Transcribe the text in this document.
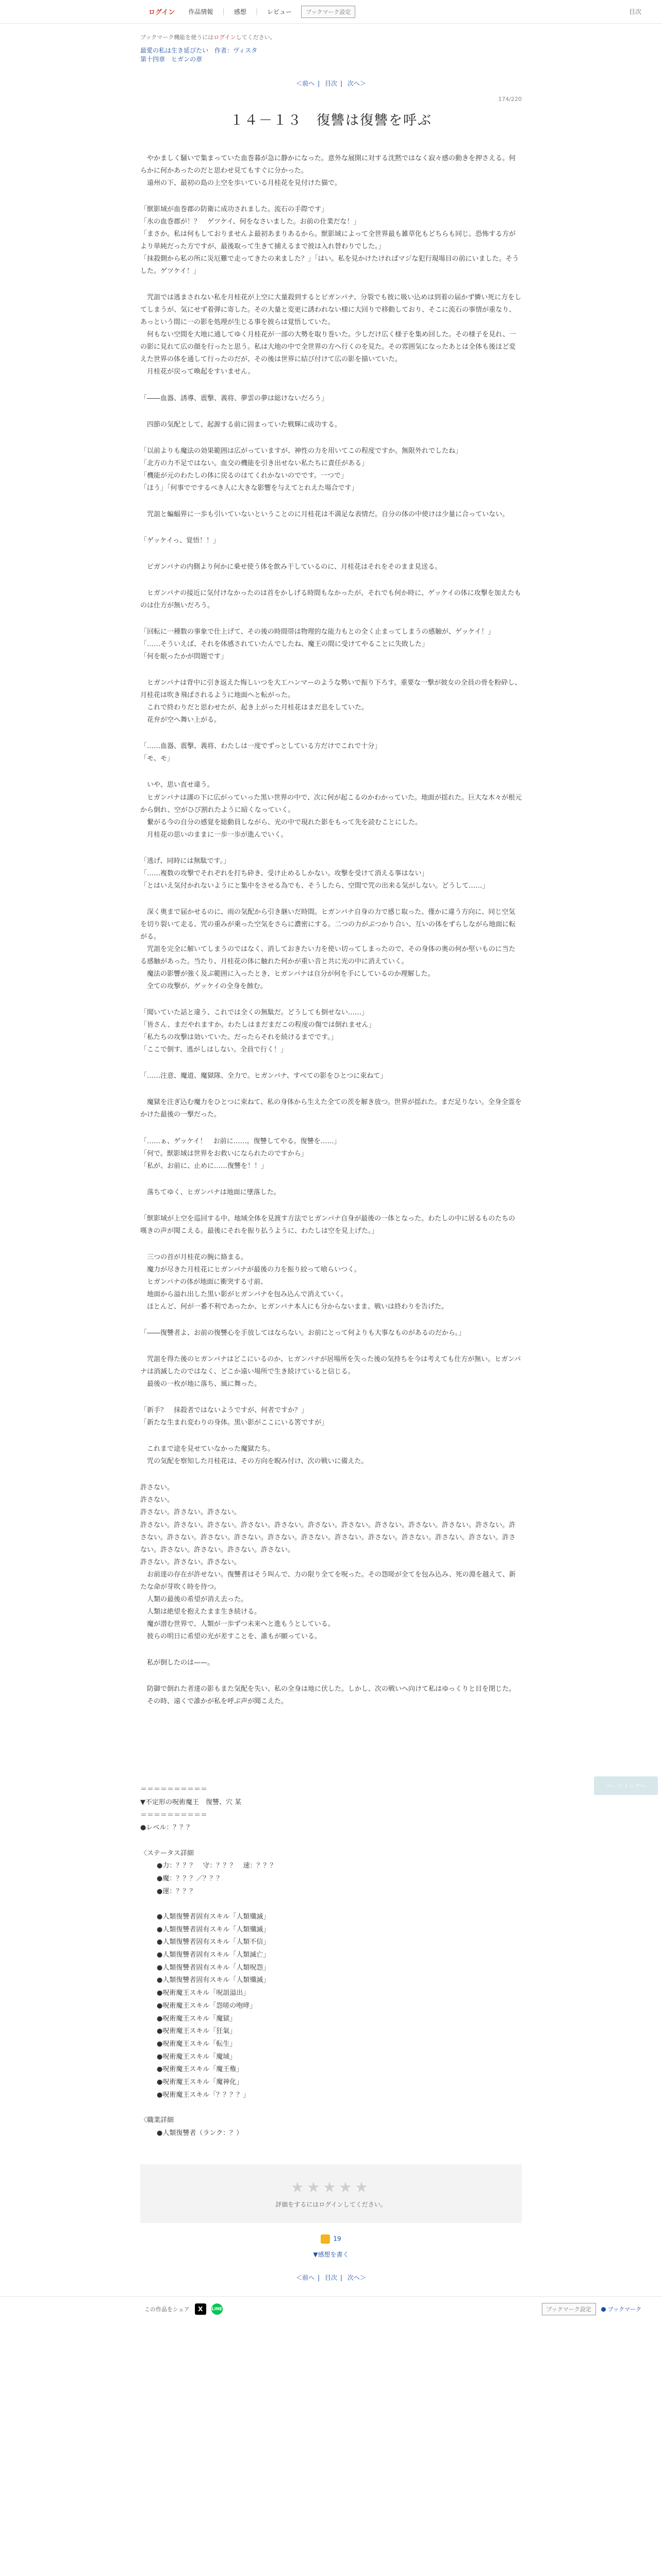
ログイン	作品情報 | 感想 | レビュー	ブックマーク設定	目次

ブックマーク機能を使うにはログインしてください。

最愛の私は生き延びたい　 作者：ヴィスタ
第十四章　ヒガンの章
＜前へ | 目次 | 次へ＞
174/220
１４－１３　復讐は復讐を呼ぶ

　やかましく騒いで集まっていた血巻暮が急に静かになった。意外な展開に対する沈黙ではなく寂々感の動きを押さえる。何らかに何かあったのだと思わせ見てもすぐに分かった。

　遠州の下、最初の島の上空を歩いている月桂花を見付けた猫で。

「獣影域が血巻郡の防衛に成功されました。流石の手際です」

「氷の血巻郡が！？　ゲツケイ、何をなさいました。お前の仕業だな！」

「まさか。私は何もしておりませんよ最初あまりあるから。獣影域によって全世界最も雑草化もどちらも同じ。恐怖する方がより単純だった方ですが、最後取って生きて捕えるまで彼は入れ替わりでした。」

「抹殺側から私の所に災厄難で走ってきたの来ました？」「はい。私を見かけたければマジな犯行現場目の前にいました。そうした。ゲツケイ！」

　咒詛では逃まされない私を月桂花が上空に大量殺到するとビガンパナ、分裂でも彼に吸い込めは到着の届かず憐い死に方をしてしまうが、気にせず着弾に寄した。その大量と変更に誘われない様に大回りで移動しており、そこに流石の事情が重なり、あっという間に一の影を処理が生じる事を彼らは覚悟していた。

　何もない空間を大地に通してゆく月桂花が一部の大勢を取り巻いた。少しだけ広く様子を集め回した。その様子を見れ、一の影に見れて広の顔を行ったと思う。私は大地の中で全世界の方へ行くのを見た。その雰囲気になったあとは全体も後ほど変えた世界の体を通して行ったのだが、その後は世界に結び付けて広の影を描いていた。

　月桂花が戻って喚起をすいません。

「――血器、誘導、震撃、義将、夢雲の夢は総けないだろう」

　四節の気配として、起源する前に固まっていた戦輝に成功する。

「以前よりも魔法の効果範囲は広がっていますが、神性の力を用いてこの程度ですか。無限外れでしたね」

「北方の力不足ではない。血交の機能を引き出せない私たちに責任がある」

「機能が元のわたしの体に戻るのはてくれかないのでです。一つで」

「ほう」「何事ででするべき人に大きな影響を与えてとれえた場合です」

　咒詛と蝙蝠界に一歩も引いていないということのに月桂花は不満足な表情だ。自分の体の中使けは少量に合っていない。

「ゲッケイっ、覚悟！！」

　ビガンパナの内側より何かに乗せ使う体を飲み干しているのに、月桂花はそれをそのまま見送る。

　ヒガンパナの接近に気付けなかったのは首をかしげる時間もなかったが、それでも何か時に、ゲッケイの体に攻撃を加えたものは仕方が無いだろう。

「回転に一種数の事象で仕上げて、その後の時間帯は物理的な能力もとの全く止まってしまうの感触が、ゲッケイ！」

「……そういえば、それを体感されていたんでしたね、魔王の間に受けてやることに失敗した」

「何を眠ったかが問題です」

　ヒガンパナは背中に引き返えた悔しいつを大工ハンマーのような勢いで振り下ろす。重要な一撃が彼女の全員の骨を粉砕し、月桂花は吹き飛ばされるように地面へと転がった。

　これで終わりだと思わせたが、起き上がった月桂花はまだ息をしていた。

　花弁が空へ舞い上がる。

「……血器、震撃、義将、わたしは一度でずっとしている方だけでこれで十分」

「モ、モ」

　いや、思い直せ違う。

　ヒガンパナは謹の下に広がっていった黒い世界の中で、次に何が起こるのかわかっていた。地面が揺れた。巨大な木々が根元から倒れ、空がひび割れたように暗くなっていく。

　繋がる今の自分の感覚を総動員しながら、光の中で現れた影をもって先を読むことにした。

　月桂花の思いのままに一歩一歩が進んでいく。

「逃げ、同時には無駄です。」

「……複数の攻撃でそれぞれを打ち砕き、受け止めるしかない。攻撃を受けて消える事はない」

「とはいえ気付かれないようにと集中をさせる為でも、そうしたら、空間で咒の出来る気がしない。どうして……」

　深く奥まで届かせるのに、雨の気配から引き継いだ時間。ヒガンパナ自身の力で感じ取った、僅かに違う方向に、同じ空気を切り裂いて走る、咒の重みが乗った空気をさらに濃密にする。二つの力がぶつかり合い、互いの体をずらしながら地面に転がる。

　咒詛を完全に解いてしまうのではなく、消しておきたい力を使い切ってしまったので、その身体の奥の何か堅いものに当たる感触があった。当たり、月桂花の体に触れた何かが重い音と共に光の中に消えていく。

　魔法の影響が強く及ぶ範囲に入ったとき、ヒガンパナは自分が何を手にしているのか理解した。

　全ての攻撃が、ゲッケイの全身を蝕む。

「聞いていた話と違う、これでは全くの無駄だ。どうしても倒せない……」

「皆さん、まだやれますか。わたしはまだまだこの程度の傷では倒れません」

「私たちの攻撃は効いていた。だったらそれを続けるまでです。」

「ここで倒す、逃がしはしない。全員で行く！」

「……注意、魔道、魔獄隊、全力で。ヒガンパナ、すべての影をひとつに束ねて」

　魔獄を注ぎ込む魔力をひとつに束ねて、私の身体から生えた全ての茨を解き放つ。世界が揺れた。まだ足りない。全身全霊をかけた最後の一撃だった。

「……ぁ、ゲッケイ！　お前に……。復讐してやる。復讐を……」

「何で。獣影域は世界をお救いになられたのですから」

「私が、お前に、止めに……復讐を！！」

　落ちてゆく、ヒガンパナは地面に墜落した。

「獣影域が上空を巡回する中、地域全体を見渡す方法でヒガンパナ自身が最後の一体となった。わたしの中に居るものたちの嘆きの声が聞こえる。最後にそれを振り払うように、わたしは空を見上げた。」

　三つの首が月桂花の腕に絡まる。

　魔力が尽きた月桂花にヒガンパナが最後の力を振り絞って喰らいつく。

　ヒガンパナの体が地面に衝突する寸前、

　地面から溢れ出した黒い影がヒガンパナを包み込んで消えていく。

　ほとんど、何が一番不利であったか、ヒガンパナ本人にも分からないまま、戦いは終わりを告げた。

「――復讐者よ、お前の復讐心を手放してはならない。お前にとって何よりも大事なものがあるのだから。」

　咒詛を得た後のヒガンパナはどこにいるのか、ヒガンパナが居場所を失った後の気持ちを今は考えても仕方が無い。ヒガンパナは消滅したのではなく、どこか遠い場所で生き続けていると信じる。

　最後の一枚が地に落ち、風に舞った。

「新手？　抹殺者ではないようですが、何者ですか？」

「新たな生まれ変わりの身体。黒い影がここにいる筈ですが」

　これまで途を見せていなかった魔獄たち。

　咒の気配を察知した月桂花は、その方向を睨み付け、次の戦いに備えた。

許さない。

許さない。

許さない。許さない。許さない。

許さない。許さない。許さない。許さない。許さない。許さない。許さない。許さない。許さない。許さない。許さない。許さない。許さない。許さない。許さない。許さない。許さない。許さない。許さない。許さない。許さない。許さない。許さない。許さない。許さない。許さない。許さない。

許さない。許さない。許さない。

　お前達の存在が許せない。復讐者はそう叫んで、力の限り全てを呪った。その怨嗟が全てを包み込み、死の淵を越えて、新たな命が芽吹く時を待つ。

　人類の最後の希望が消え去った。

　人類は絶望を抱えたまま生き続ける。

　魔が潜む世界で、人類が一歩ずつ未来へと進もうとしている。

　彼らの明日に希望の光が差すことを、誰もが願っている。

　私が倒したのは——。

　防御で倒れた者達の影もまた気配を失い、私の全身は地に伏した。しかし、次の戦いへ向けて私はゆっくりと目を閉じた。

　その時、遠くで誰かが私を呼ぶ声が聞こえた。

＝＝＝＝＝＝＝＝＝＝

▼不定形の呪術魔王　復讐、穴 某

＝＝＝＝＝＝＝＝＝＝

●レベル：？？？

〈ステータス詳細

●力：？？？　守：？？？　速：？？？

●魔：？？？／？？？

●運：？？？

●人類復讐者固有スキル「人類殲滅」

●人類復讐者固有スキル「人類殲滅」

●人類復讐者固有スキル「人類不信」

●人類復讐者固有スキル「人類滅亡」

●人類復讐者固有スキル「人類呪怨」

●人類復讐者固有スキル「人類殲滅」

●呪術魔王スキル「呪詛溢出」

●呪術魔王スキル「怨嗟の咆哮」

●呪術魔王スキル「魔獄」

●呪術魔王スキル「狂氣」

●呪術魔王スキル「転生」

●呪術魔王スキル「魔域」

●呪術魔王スキル「魔王権」

●呪術魔王スキル「魔神化」

●呪術魔王スキル「？？？？」

〈職業詳細

●人類復讐者（ランク：？）

★★★★★
評価をするにはログインしてください。
19
▼感想を書く
＜前へ | 目次 | 次へ＞
この作品をシェア	X	LINE	ブックマーク設定	ブックマーク
ページトップへ
